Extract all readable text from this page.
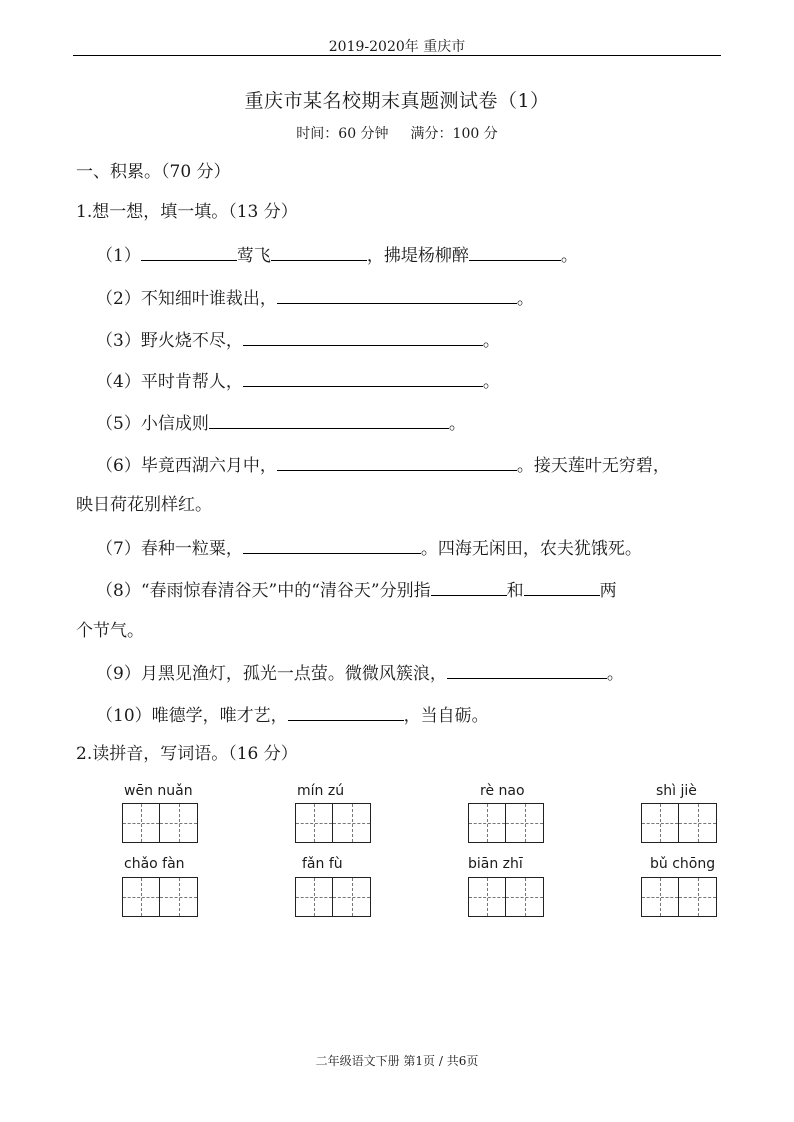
2019-2020年 重庆市
重庆市某名校期末真题测试卷（1）
时间：60 分钟 满分：100 分
一、积累。（70 分）
1.想一想，填一填。（13 分）
（1）	莺飞	，拂堤杨柳醉	。
（2）不知细叶谁裁出，	。
（3）野火烧不尽，	。
（4）平时肯帮人，	。
（5）小信成则	。
（6）毕竟西湖六月中，	。接天莲叶无穷碧，
映日荷花别样红。
（7）春种一粒粟，	。四海无闲田，农夫犹饿死。
（8）“春雨惊春清谷天”中的“清谷天”分别指	和	两
个节气。
（9）月黑见渔灯，孤光一点萤。微微风簇浪，	。
（10）唯德学，唯才艺，	，当自砺。
2.读拼音，写词语。（16 分）
wēn nuǎn	mín zú	rè nao	shì jiè
chǎo fàn	fǎn fù	biān zhī	bǔ chōng
二年级语文下册 第1页 / 共6页
